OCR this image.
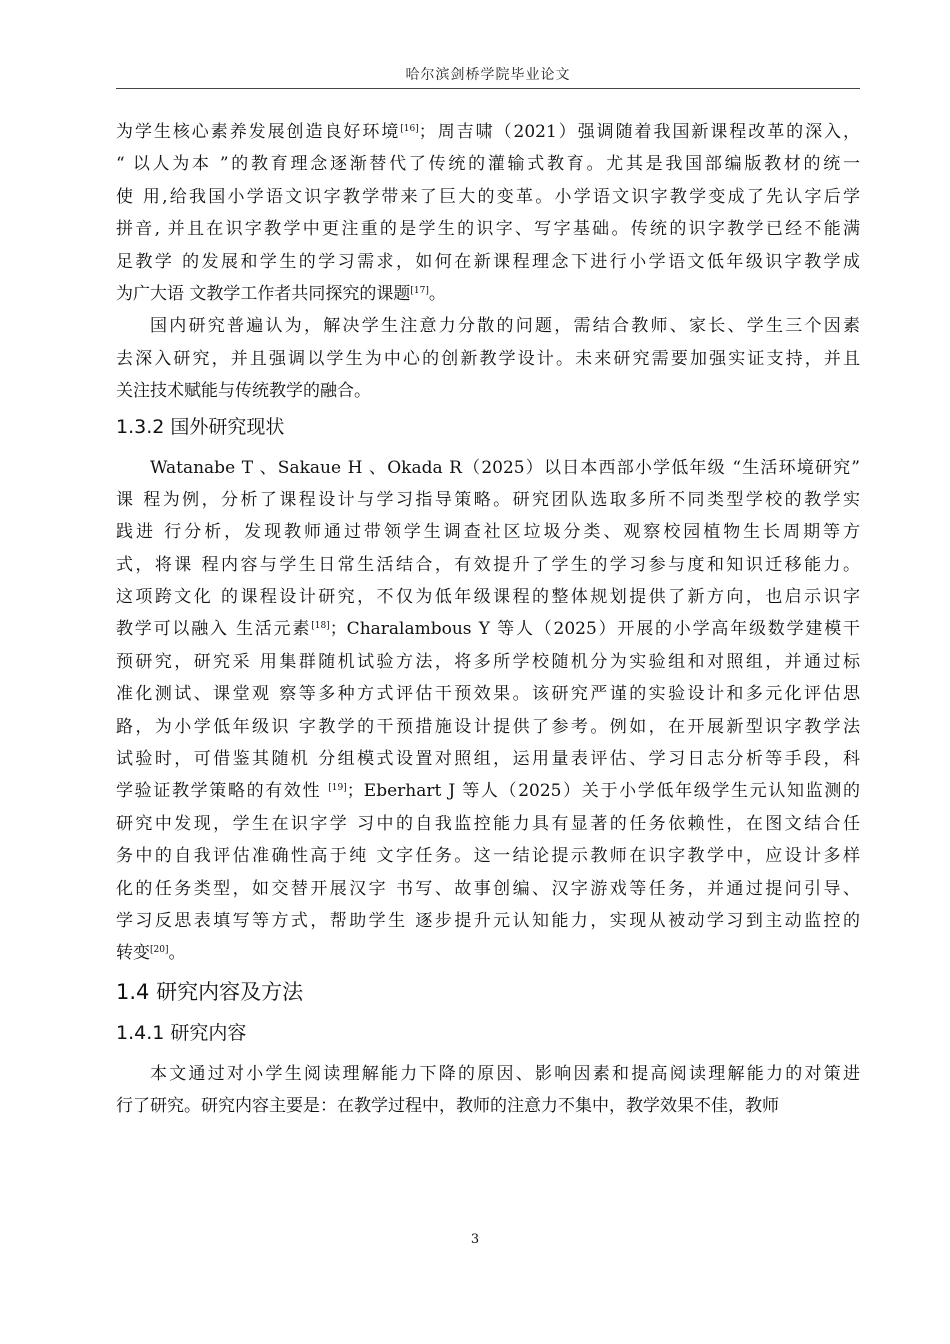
哈尔滨剑桥学院毕业论文
为学生核心素养发展创造良好环境[16]；周吉啸（2021）强调随着我国新课程改革的深入，
“ 以人为本 ”的教育理念逐渐替代了传统的灌输式教育。尤其是我国部编版教材的统一
使 用,给我国小学语文识字教学带来了巨大的变革。小学语文识字教学变成了先认字后学
拼音, 并且在识字教学中更注重的是学生的识字、写字基础。传统的识字教学已经不能满
足教学 的发展和学生的学习需求，如何在新课程理念下进行小学语文低年级识字教学成
为广大语 文教学工作者共同探究的课题[17]。
国内研究普遍认为，解决学生注意力分散的问题，需结合教师、家长、学生三个因素
去深入研究，并且强调以学生为中心的创新教学设计。未来研究需要加强实证支持，并且
关注技术赋能与传统教学的融合。
1.3.2 国外研究现状
Watanabe T 、Sakaue H 、Okada R（2025）以日本西部小学低年级 “生活环境研究”
课 程为例，分析了课程设计与学习指导策略。研究团队选取多所不同类型学校的教学实
践进 行分析，发现教师通过带领学生调查社区垃圾分类、观察校园植物生长周期等方
式，将课 程内容与学生日常生活结合，有效提升了学生的学习参与度和知识迁移能力。
这项跨文化 的课程设计研究，不仅为低年级课程的整体规划提供了新方向，也启示识字
教学可以融入 生活元素[18]；Charalambous Y 等人（2025）开展的小学高年级数学建模干
预研究，研究采 用集群随机试验方法，将多所学校随机分为实验组和对照组，并通过标
准化测试、课堂观 察等多种方式评估干预效果。该研究严谨的实验设计和多元化评估思
路，为小学低年级识 字教学的干预措施设计提供了参考。例如，在开展新型识字教学法
试验时，可借鉴其随机 分组模式设置对照组，运用量表评估、学习日志分析等手段，科
学验证教学策略的有效性 [19]；Eberhart J 等人（2025）关于小学低年级学生元认知监测的
研究中发现，学生在识字学 习中的自我监控能力具有显著的任务依赖性，在图文结合任
务中的自我评估准确性高于纯 文字任务。这一结论提示教师在识字教学中，应设计多样
化的任务类型，如交替开展汉字 书写、故事创编、汉字游戏等任务，并通过提问引导、
学习反思表填写等方式，帮助学生 逐步提升元认知能力，实现从被动学习到主动监控的
转变[20]。
1.4 研究内容及方法
1.4.1 研究内容
本文通过对小学生阅读理解能力下降的原因、影响因素和提高阅读理解能力的对策进
行了研究。研究内容主要是：在教学过程中，教师的注意力不集中，教学效果不佳，教师
3
